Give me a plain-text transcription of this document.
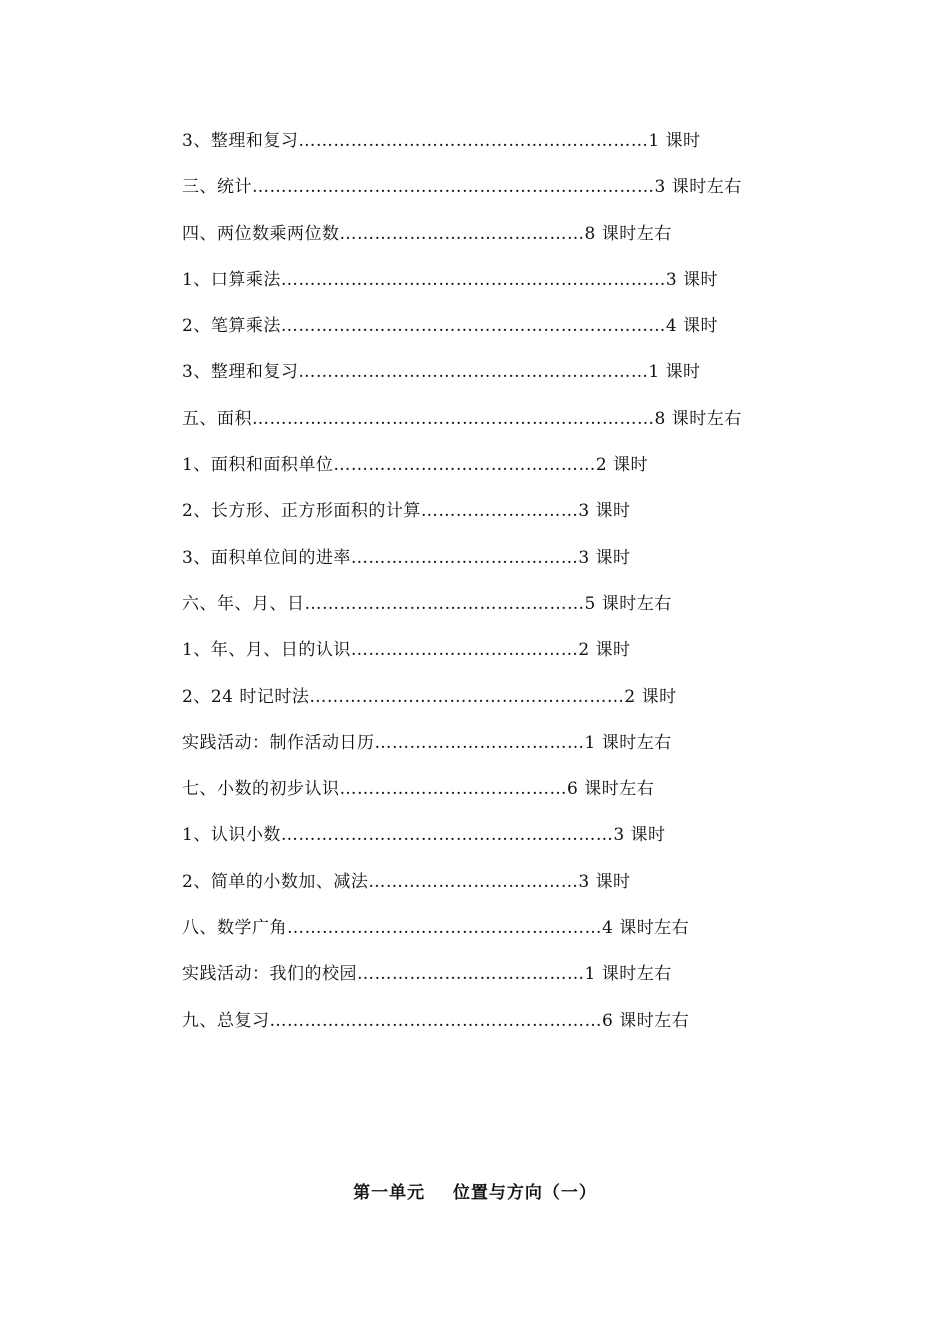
3、整理和复习……………………………………………………1 课时
三、统计……………………………………………………………3 课时左右
四、两位数乘两位数……………………………………8 课时左右
1、口算乘法…………………………………………………………3 课时
2、笔算乘法…………………………………………………………4 课时
3、整理和复习……………………………………………………1 课时
五、面积……………………………………………………………8 课时左右
1、面积和面积单位………………………………………2 课时
2、长方形、正方形面积的计算………………………3 课时
3、面积单位间的进率…………………………………3 课时
六、年、月、日…………………………………………5 课时左右
1、年、月、日的认识…………………………………2 课时
2、24 时记时法………………………………………………2 课时
实践活动：制作活动日历………………………………1 课时左右
七、小数的初步认识…………………………………6 课时左右
1、认识小数…………………………………………………3 课时
2、简单的小数加、减法………………………………3 课时
八、数学广角………………………………………………4 课时左右
实践活动：我们的校园…………………………………1 课时左右
九、总复习…………………………………………………6 课时左右
第一单元    位置与方向（一）
